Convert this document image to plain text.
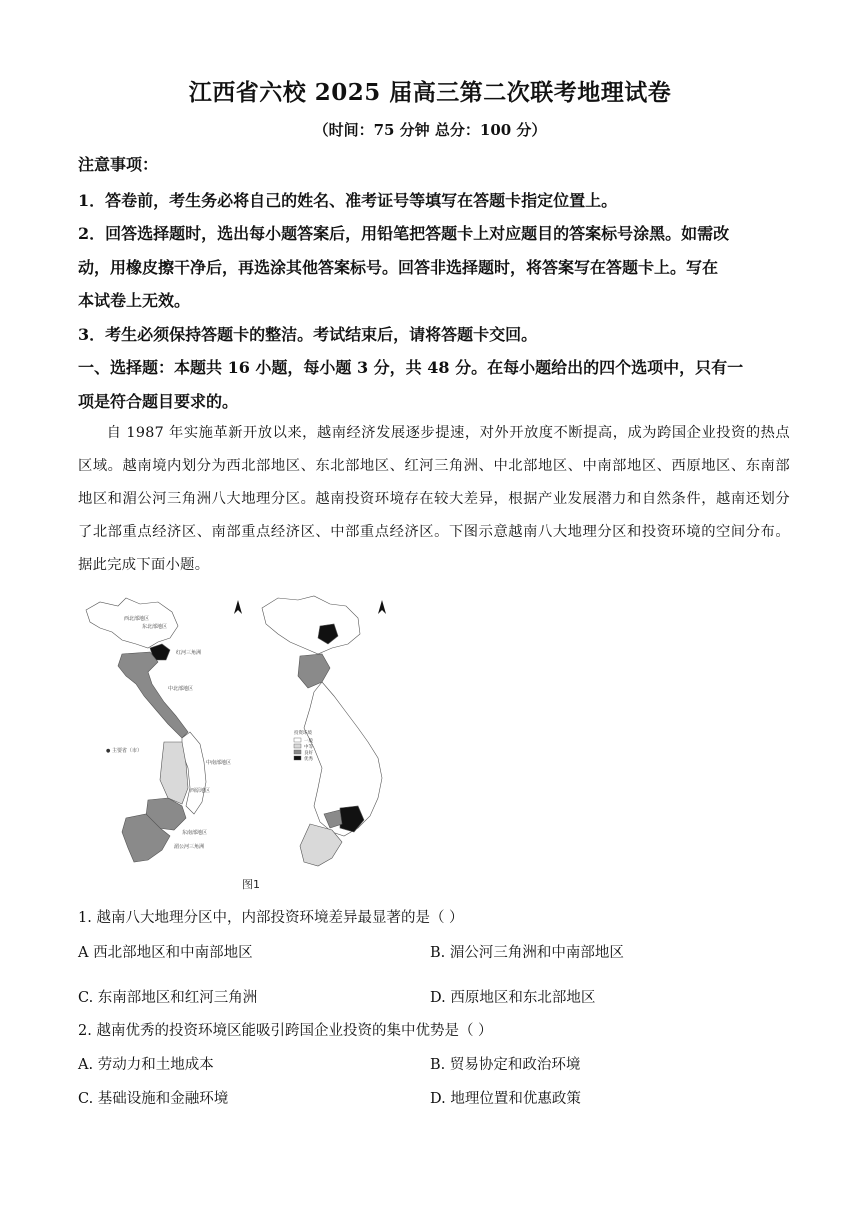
江西省六校 2025 届高三第二次联考地理试卷
（时间：75 分钟 总分：100 分）
注意事项：
1．答卷前，考生务必将自己的姓名、准考证号等填写在答题卡指定位置上。
2．回答选择题时，选出每小题答案后，用铅笔把答题卡上对应题目的答案标号涂黑。如需改
动，用橡皮擦干净后，再选涂其他答案标号。回答非选择题时，将答案写在答题卡上。写在
本试卷上无效。
3．考生必须保持答题卡的整洁。考试结束后，请将答题卡交回。
一、选择题：本题共 16 小题，每小题 3 分，共 48 分。在每小题给出的四个选项中，只有一
项是符合题目要求的。
自 1987 年实施革新开放以来，越南经济发展逐步提速，对外开放度不断提高，成为跨国企业投资的热点区域。越南境内划分为西北部地区、东北部地区、红河三角洲、中北部地区、中南部地区、西原地区、东南部地区和湄公河三角洲八大地理分区。越南投资环境存在较大差异，根据产业发展潜力和自然条件，越南还划分了北部重点经济区、南部重点经济区、中部重点经济区。下图示意越南八大地理分区和投资环境的空间分布。据此完成下面小题。
西北部地区
东北部地区
红河三角洲
中北部地区
中南部地区
西原地区
东南部地区
湄公河三角洲
● 主要省（市）
投资环境
一般
中等
良好
优秀
图1
1. 越南八大地理分区中，内部投资环境差异最显著的是（ ）
A 西北部地区和中南部地区	B. 湄公河三角洲和中南部地区
C. 东南部地区和红河三角洲	D. 西原地区和东北部地区
2. 越南优秀的投资环境区能吸引跨国企业投资的集中优势是（ ）
A. 劳动力和土地成本	B. 贸易协定和政治环境
C. 基础设施和金融环境	D. 地理位置和优惠政策
